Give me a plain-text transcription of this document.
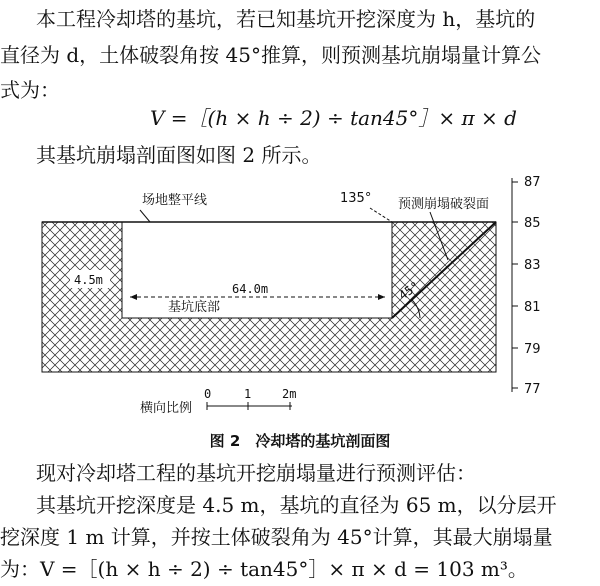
本工程冷却塔的基坑，若已知基坑开挖深度为 h，基坑的
直径为 d，土体破裂角按 45°推算，则预测基坑崩塌量计算公
式为：
V =［(h × h ÷ 2) ÷ tan45°］× π × d
其基坑崩塌剖面图如图 2 所示。
87
85
83
81
79
77
场地整平线	135° 预测崩塌破裂面
4.5m
64.0m
基坑底部
45°
横向比例
0	1	2m
图 2　冷却塔的基坑剖面图
现对冷却塔工程的基坑开挖崩塌量进行预测评估：
其基坑开挖深度是 4.5 m，基坑的直径为 65 m，以分层开
挖深度 1 m 计算，并按土体破裂角为 45°计算，其最大崩塌量
为：V =［(h × h ÷ 2) ÷ tan45°］× π × d = 103 m³。
